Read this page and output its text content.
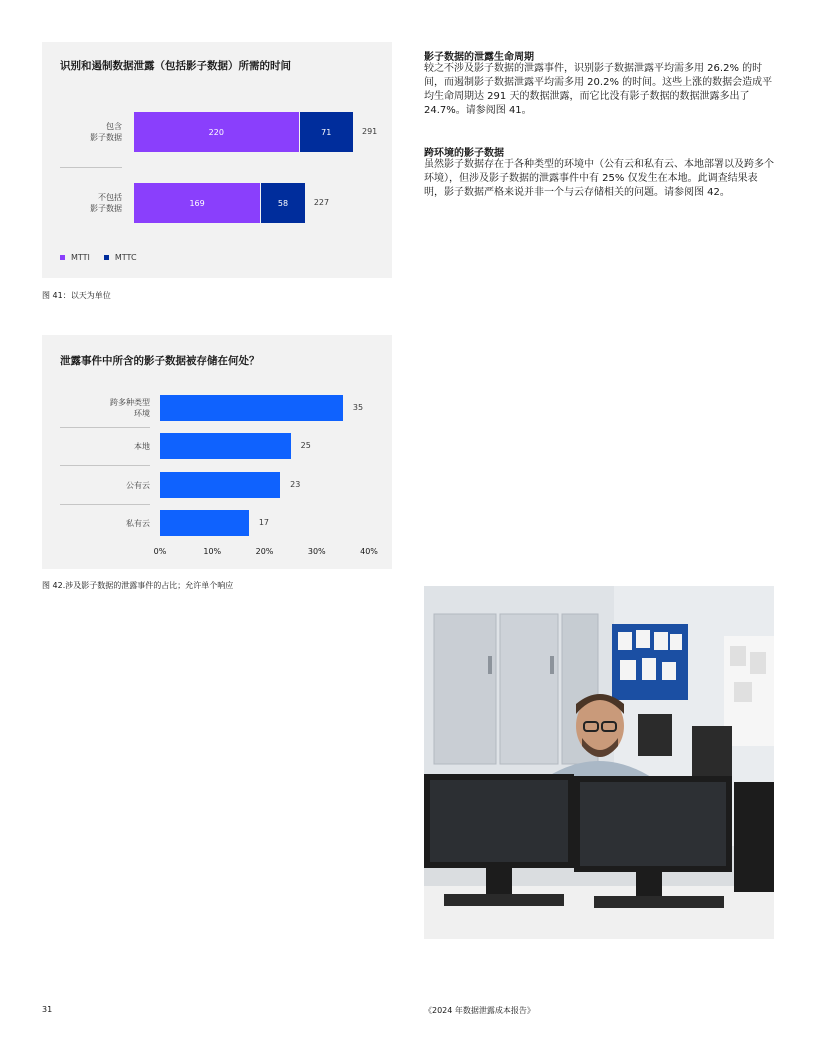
识别和遏制数据泄露（包括影子数据）所需的时间
MTTI	MTTC
包含
影子数据
220	71	291
不包括
影子数据
169	58	227
图 41：以天为单位
泄露事件中所含的影子数据被存储在何处？
跨多种类型
环境
35
本地	25
公有云	23
私有云	17
0%	10%	20%	30%	40%
图 42.涉及影子数据的泄露事件的占比；允许单个响应
影子数据的泄露生命周期
较之不涉及影子数据的泄露事件，识别影子数据泄露平均需多用 26.2% 的时间，而遏制影子数据泄露平均需多用 20.2% 的时间。这些上涨的数据会造成平均生命周期达 291 天的数据泄露，而它比没有影子数据的数据泄露多出了 24.7%。请参阅图 41。
跨环境的影子数据
虽然影子数据存在于各种类型的环境中（公有云和私有云、本地部署以及跨多个环境），但涉及影子数据的泄露事件中有 25% 仅发生在本地。此调查结果表明，影子数据严格来说并非一个与云存储相关的问题。请参阅图 42。
31	《2024 年数据泄露成本报告》
